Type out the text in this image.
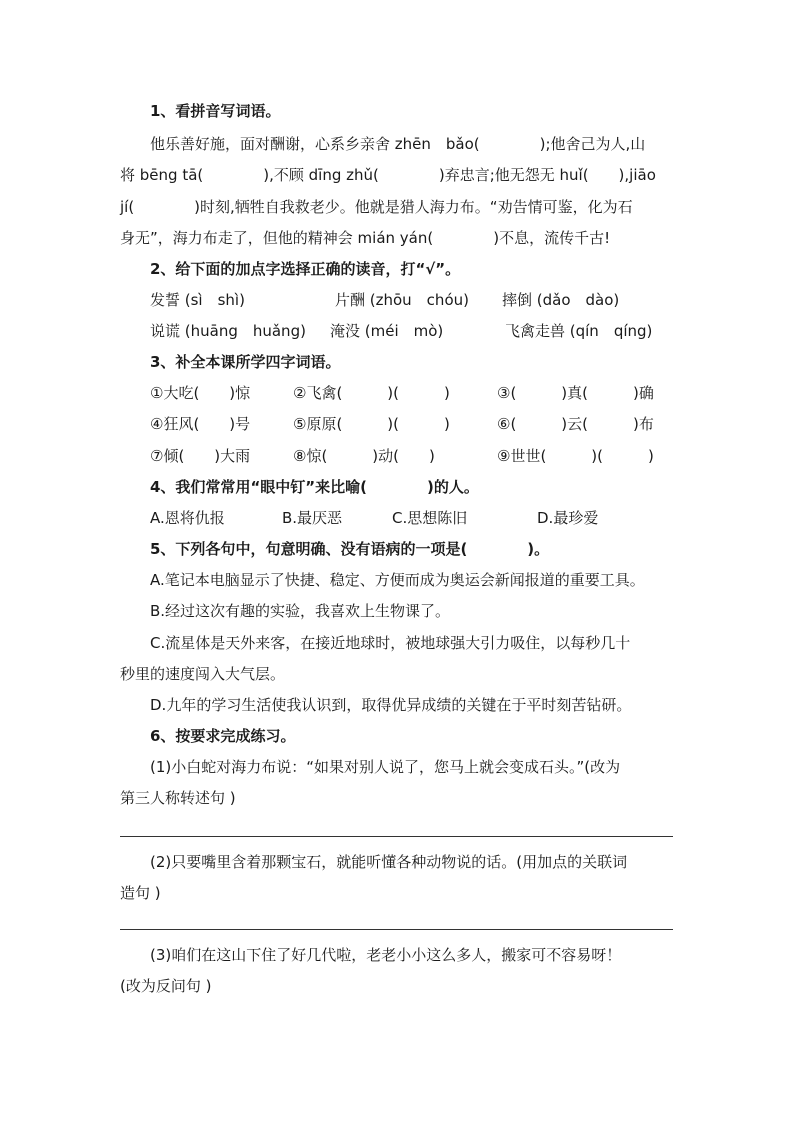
1、看拼音写词语。
他乐善好施，面对酬谢，心系乡亲舍 zhēn　bǎo(　　　　);他舍己为人,山
将 bēng tā(　　　　),不顾 dīng zhǔ(　　　　)弃忠言;他无怨无 huǐ(　　),jiāo
jí(　　　　)时刻,牺牲自我救老少。他就是猎人海力布。“劝告情可鉴，化为石
身无”，海力布走了，但他的精神会 mián yán(　　　　)不息，流传千古!
2、给下面的加点字选择正确的读音，打“√”。
发誓 (sì　shì)	片酬 (zhōu　chóu) 摔倒 (dǎo　dào)
说谎 (huāng　huǎng) 淹没 (méi　mò)	飞禽走兽 (qín　qíng)
3、补全本课所学四字词语。
①大吃(　　)惊	②飞禽(　　　)(　　　)	③(　　　)真(　　　)确
④狂风(　　)号	⑤原原(　　　)(　　　)	⑥(　　　)云(　　　)布
⑦倾(　　)大雨	⑧惊(　　　)动(　　)	⑨世世(　　　)(　　　)
4、我们常常用“眼中钉”来比喻(　　　　)的人。
A.恩将仇报	B.最厌恶	C.思想陈旧	D.最珍爱
5、下列各句中，句意明确、没有语病的一项是(　　　　)。
A.笔记本电脑显示了快捷、稳定、方便而成为奥运会新闻报道的重要工具。
B.经过这次有趣的实验，我喜欢上生物课了。
C.流星体是天外来客，在接近地球时，被地球强大引力吸住，以每秒几十
秒里的速度闯入大气层。
D.九年的学习生活使我认识到，取得优异成绩的关键在于平时刻苦钻研。
6、按要求完成练习。
(1)小白蛇对海力布说：“如果对别人说了，您马上就会变成石头。”(改为
第三人称转述句 )
(2)只要嘴里含着那颗宝石，就能听懂各种动物说的话。(用加点的关联词
造句 )
(3)咱们在这山下住了好几代啦，老老小小这么多人，搬家可不容易呀！
(改为反问句 )
